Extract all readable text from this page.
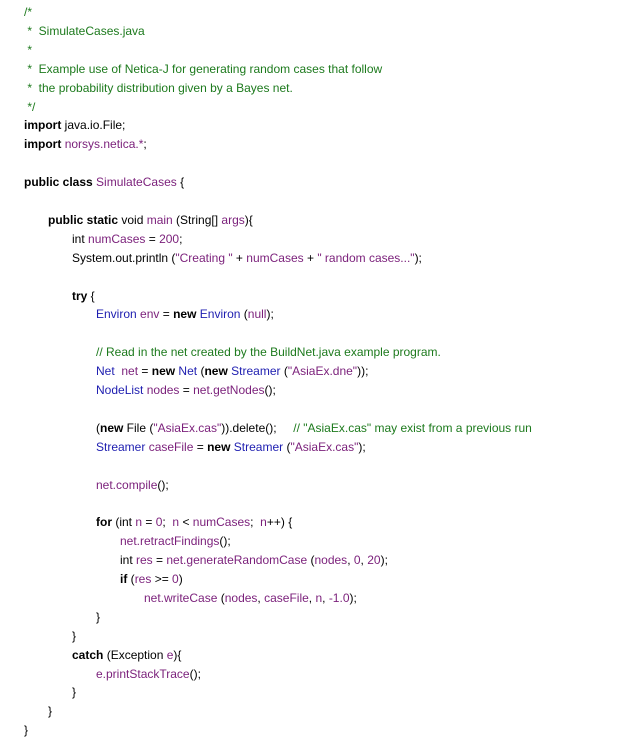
/*
*  SimulateCases.java
*
*  Example use of Netica-J for generating random cases that follow
*  the probability distribution given by a Bayes net.
*/
import java.io.File;
import norsys.netica.*;
public class SimulateCases {
public static void main (String[] args){
int numCases = 200;
System.out.println ("Creating " + numCases + " random cases...");
try {
Environ env = new Environ (null);
// Read in the net created by the BuildNet.java example program.
Net net = new Net (new Streamer ("AsiaEx.dne"));
NodeList nodes = net.getNodes();
(new File ("AsiaEx.cas")).delete();     // "AsiaEx.cas" may exist from a previous run
Streamer caseFile = new Streamer ("AsiaEx.cas");
net.compile();
for (int n = 0;  n < numCases;  n++) {
net.retractFindings();
int res = net.generateRandomCase (nodes, 0, 20);
if (res >= 0)
net.writeCase (nodes, caseFile, n, -1.0);
}
}
catch (Exception e){
e.printStackTrace();
}
}
}
